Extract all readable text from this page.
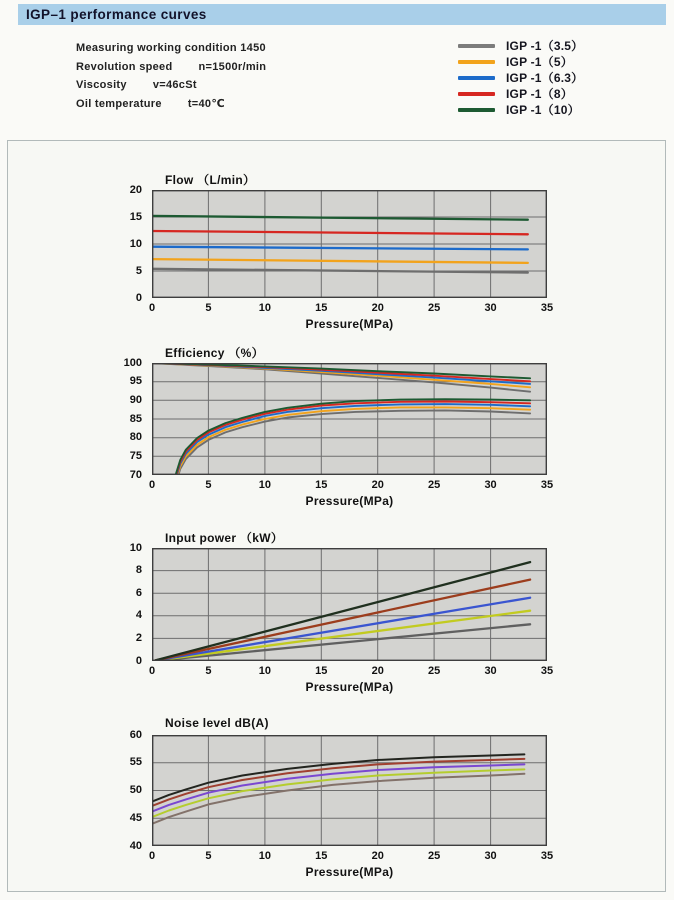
IGP–1 performance curves
Measuring working condition 1450
Revolution speed n=1500r/min
Viscosity v=46cSt
Oil temperature t=40℃
IGP -1（3.5）
IGP -1（5）
IGP -1（6.3）
IGP -1（8）
IGP -1（10）
Flow （L/min）
0
5
10
15
20
0	5	10	15	20	25	30	35
Pressure(MPa)
Efficiency （%）
70
75
80
85
90
95
100
0	5	10	15	20	25	30	35
Pressure(MPa)
Input power （kW）
0
2
4
6
8
10
0	5	10	15	20	25	30	35
Pressure(MPa)
Noise level dB(A)
40
45
50
55
60
0	5	10	15	20	25	30	35
Pressure(MPa)
